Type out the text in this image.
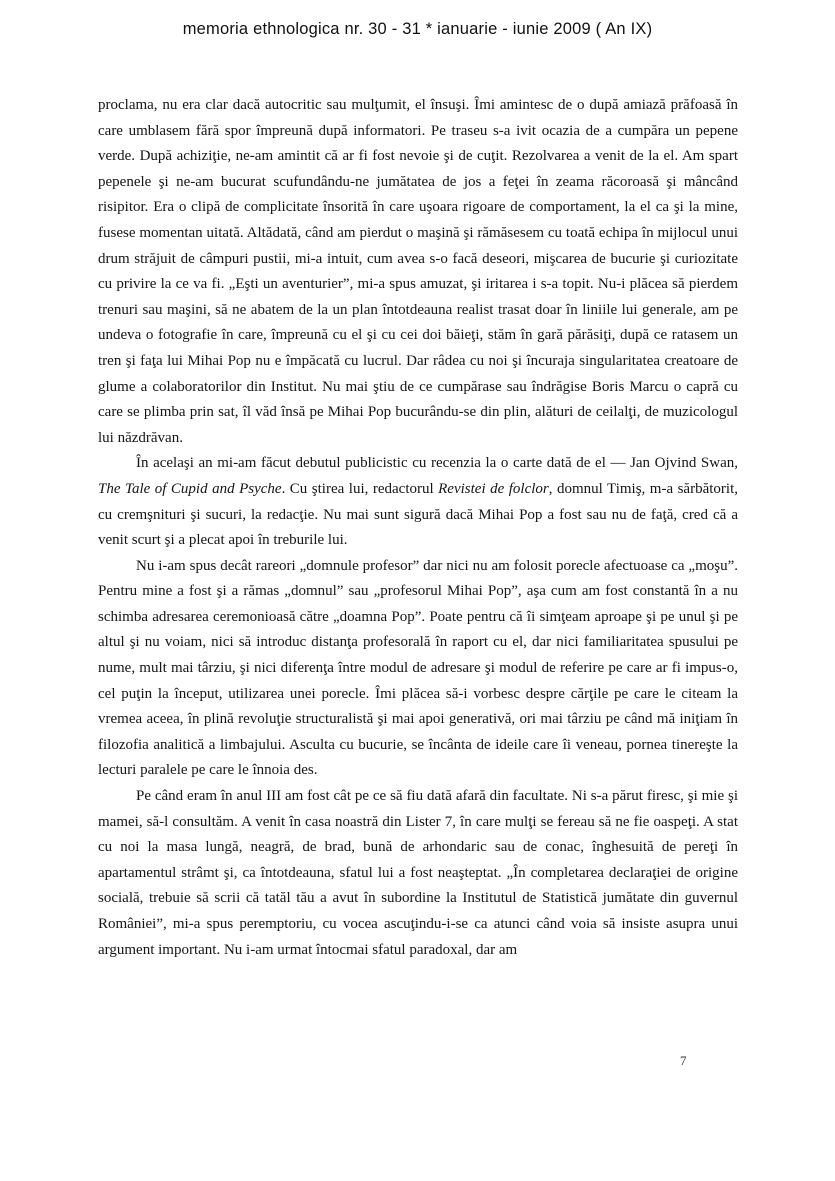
memoria ethnologica nr. 30 - 31 * ianuarie - iunie 2009 ( An IX)

proclama, nu era clar dacă autocritic sau mulţumit, el însuşi. Îmi amintesc de o după amiază prăfoasă în care umblasem fără spor împreună după informatori. Pe traseu s-a ivit ocazia de a cumpăra un pepene verde. După achiziţie, ne-am amintit că ar fi fost nevoie şi de cuţit. Rezolvarea a venit de la el. Am spart pepenele şi ne-am bucurat scufundându-ne jumătatea de jos a feţei în zeama răcoroasă şi mâncând risipitor. Era o clipă de complicitate însorită în care uşoara rigoare de comportament, la el ca şi la mine, fusese momentan uitată. Altădată, când am pierdut o maşină şi rămăsesem cu toată echipa în mijlocul unui drum străjuit de câmpuri pustii, mi-a intuit, cum avea s-o facă deseori, mişcarea de bucurie şi curiozitate cu privire la ce va fi. „Eşti un aventurier”, mi-a spus amuzat, şi iritarea i s-a topit. Nu-i plăcea să pierdem trenuri sau maşini, să ne abatem de la un plan întotdeauna realist trasat doar în liniile lui generale, am pe undeva o fotografie în care, împreună cu el şi cu cei doi băieţi, stăm în gară părăsiţi, după ce ratasem un tren şi faţa lui Mihai Pop nu e împăcată cu lucrul. Dar râdea cu noi şi încuraja singularitatea creatoare de glume a colaboratorilor din Institut. Nu mai ştiu de ce cumpărase sau îndrăgise Boris Marcu o capră cu care se plimba prin sat, îl văd însă pe Mihai Pop bucurându-se din plin, alături de ceilalţi, de muzicologul lui năzdrăvan.

În acelaşi an mi-am făcut debutul publicistic cu recenzia la o carte dată de el — Jan Ojvind Swan, The Tale of Cupid and Psyche. Cu ştirea lui, redactorul Revistei de folclor, domnul Timiş, m-a sărbătorit, cu cremşnituri şi sucuri, la redacţie. Nu mai sunt sigură dacă Mihai Pop a fost sau nu de faţă, cred că a venit scurt şi a plecat apoi în treburile lui.

Nu i-am spus decât rareori „domnule profesor” dar nici nu am folosit porecle afectuoase ca „moşu”. Pentru mine a fost şi a rămas „domnul” sau „profesorul Mihai Pop”, aşa cum am fost constantă în a nu schimba adresarea ceremonioasă către „doamna Pop”. Poate pentru că îi simţeam aproape şi pe unul şi pe altul şi nu voiam, nici să introduc distanţa profesorală în raport cu el, dar nici familiaritatea spusului pe nume, mult mai târziu, şi nici diferenţa între modul de adresare şi modul de referire pe care ar fi impus-o, cel puţin la început, utilizarea unei porecle. Îmi plăcea să-i vorbesc despre cărţile pe care le citeam la vremea aceea, în plină revoluţie structuralistă şi mai apoi generativă, ori mai târziu pe când mă iniţiam în filozofia analitică a limbajului. Asculta cu bucurie, se încânta de ideile care îi veneau, pornea tinereşte la lecturi paralele pe care le înnoia des.

Pe când eram în anul III am fost cât pe ce să fiu dată afară din facultate. Ni s-a părut firesc, şi mie şi mamei, să-l consultăm. A venit în casa noastră din Lister 7, în care mulţi se fereau să ne fie oaspeţi. A stat cu noi la masa lungă, neagră, de brad, bună de arhondaric sau de conac, înghesuită de pereţi în apartamentul strâmt şi, ca întotdeauna, sfatul lui a fost neaşteptat. „În completarea declaraţiei de origine socială, trebuie să scrii că tatăl tău a avut în subordine la Institutul de Statistică jumătate din guvernul României”, mi-a spus peremptoriu, cu vocea ascuţindu-i-se ca atunci când voia să insiste asupra unui argument important. Nu i-am urmat întocmai sfatul paradoxal, dar am

7
